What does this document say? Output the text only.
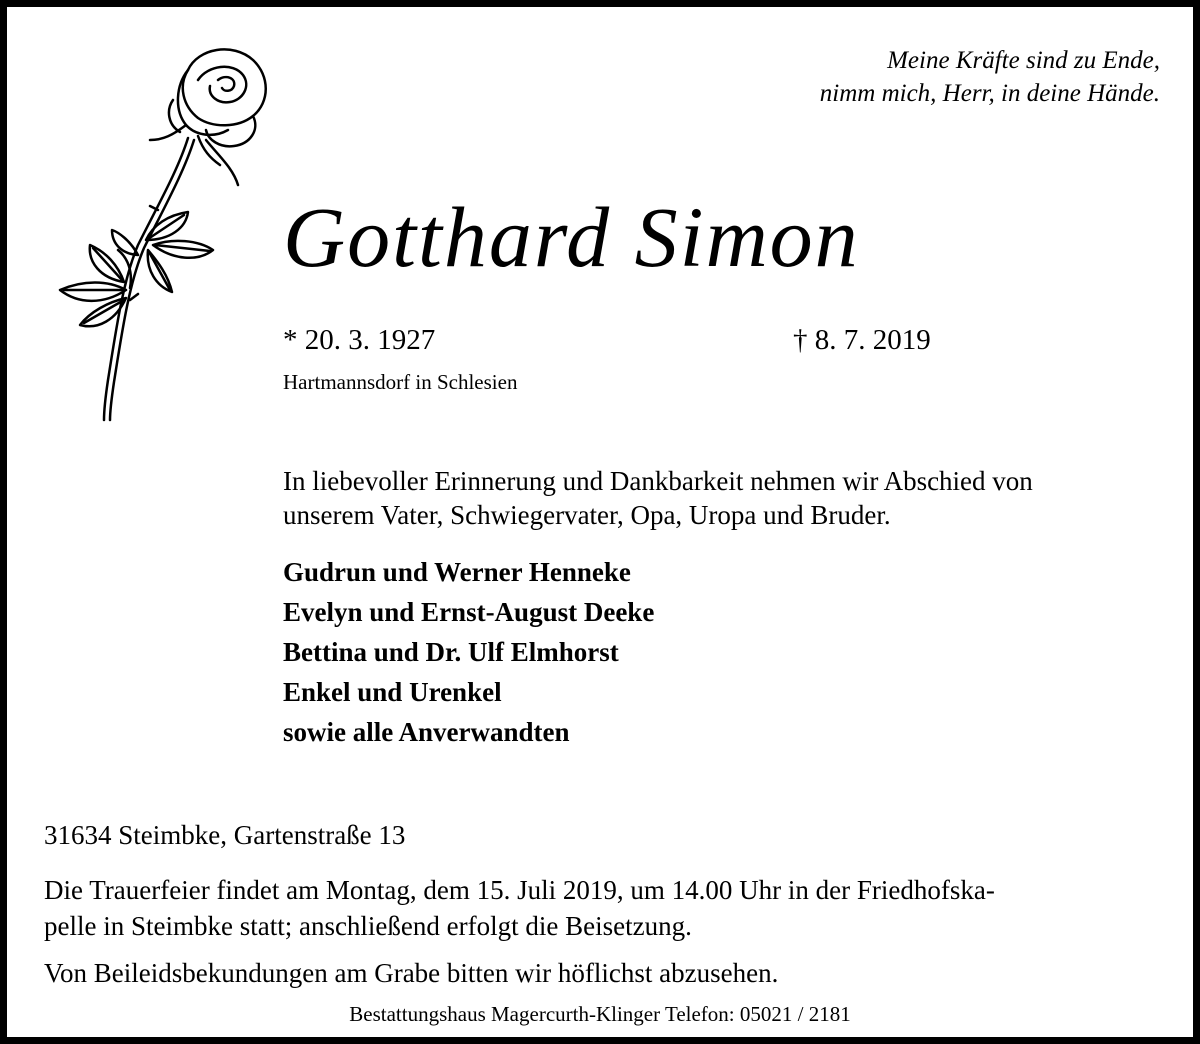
Meine Kräfte sind zu Ende,
nimm mich, Herr, in deine Hände.
Gotthard Simon
* 20. 3. 1927	† 8. 7. 2019
Hartmannsdorf in Schlesien
In liebevoller Erinnerung und Dankbarkeit nehmen wir Abschied von
unserem Vater, Schwiegervater, Opa, Uropa und Bruder.
Gudrun und Werner Henneke
Evelyn und Ernst-August Deeke
Bettina und Dr. Ulf Elmhorst
Enkel und Urenkel
sowie alle Anverwandten
31634 Steimbke, Gartenstraße 13
Die Trauerfeier findet am Montag, dem 15. Juli 2019, um 14.00 Uhr in der Friedhofska-
pelle in Steimbke statt; anschließend erfolgt die Beisetzung.
Von Beileidsbekundungen am Grabe bitten wir höflichst abzusehen.
Bestattungshaus Magercurth-Klinger Telefon: 05021 / 2181
